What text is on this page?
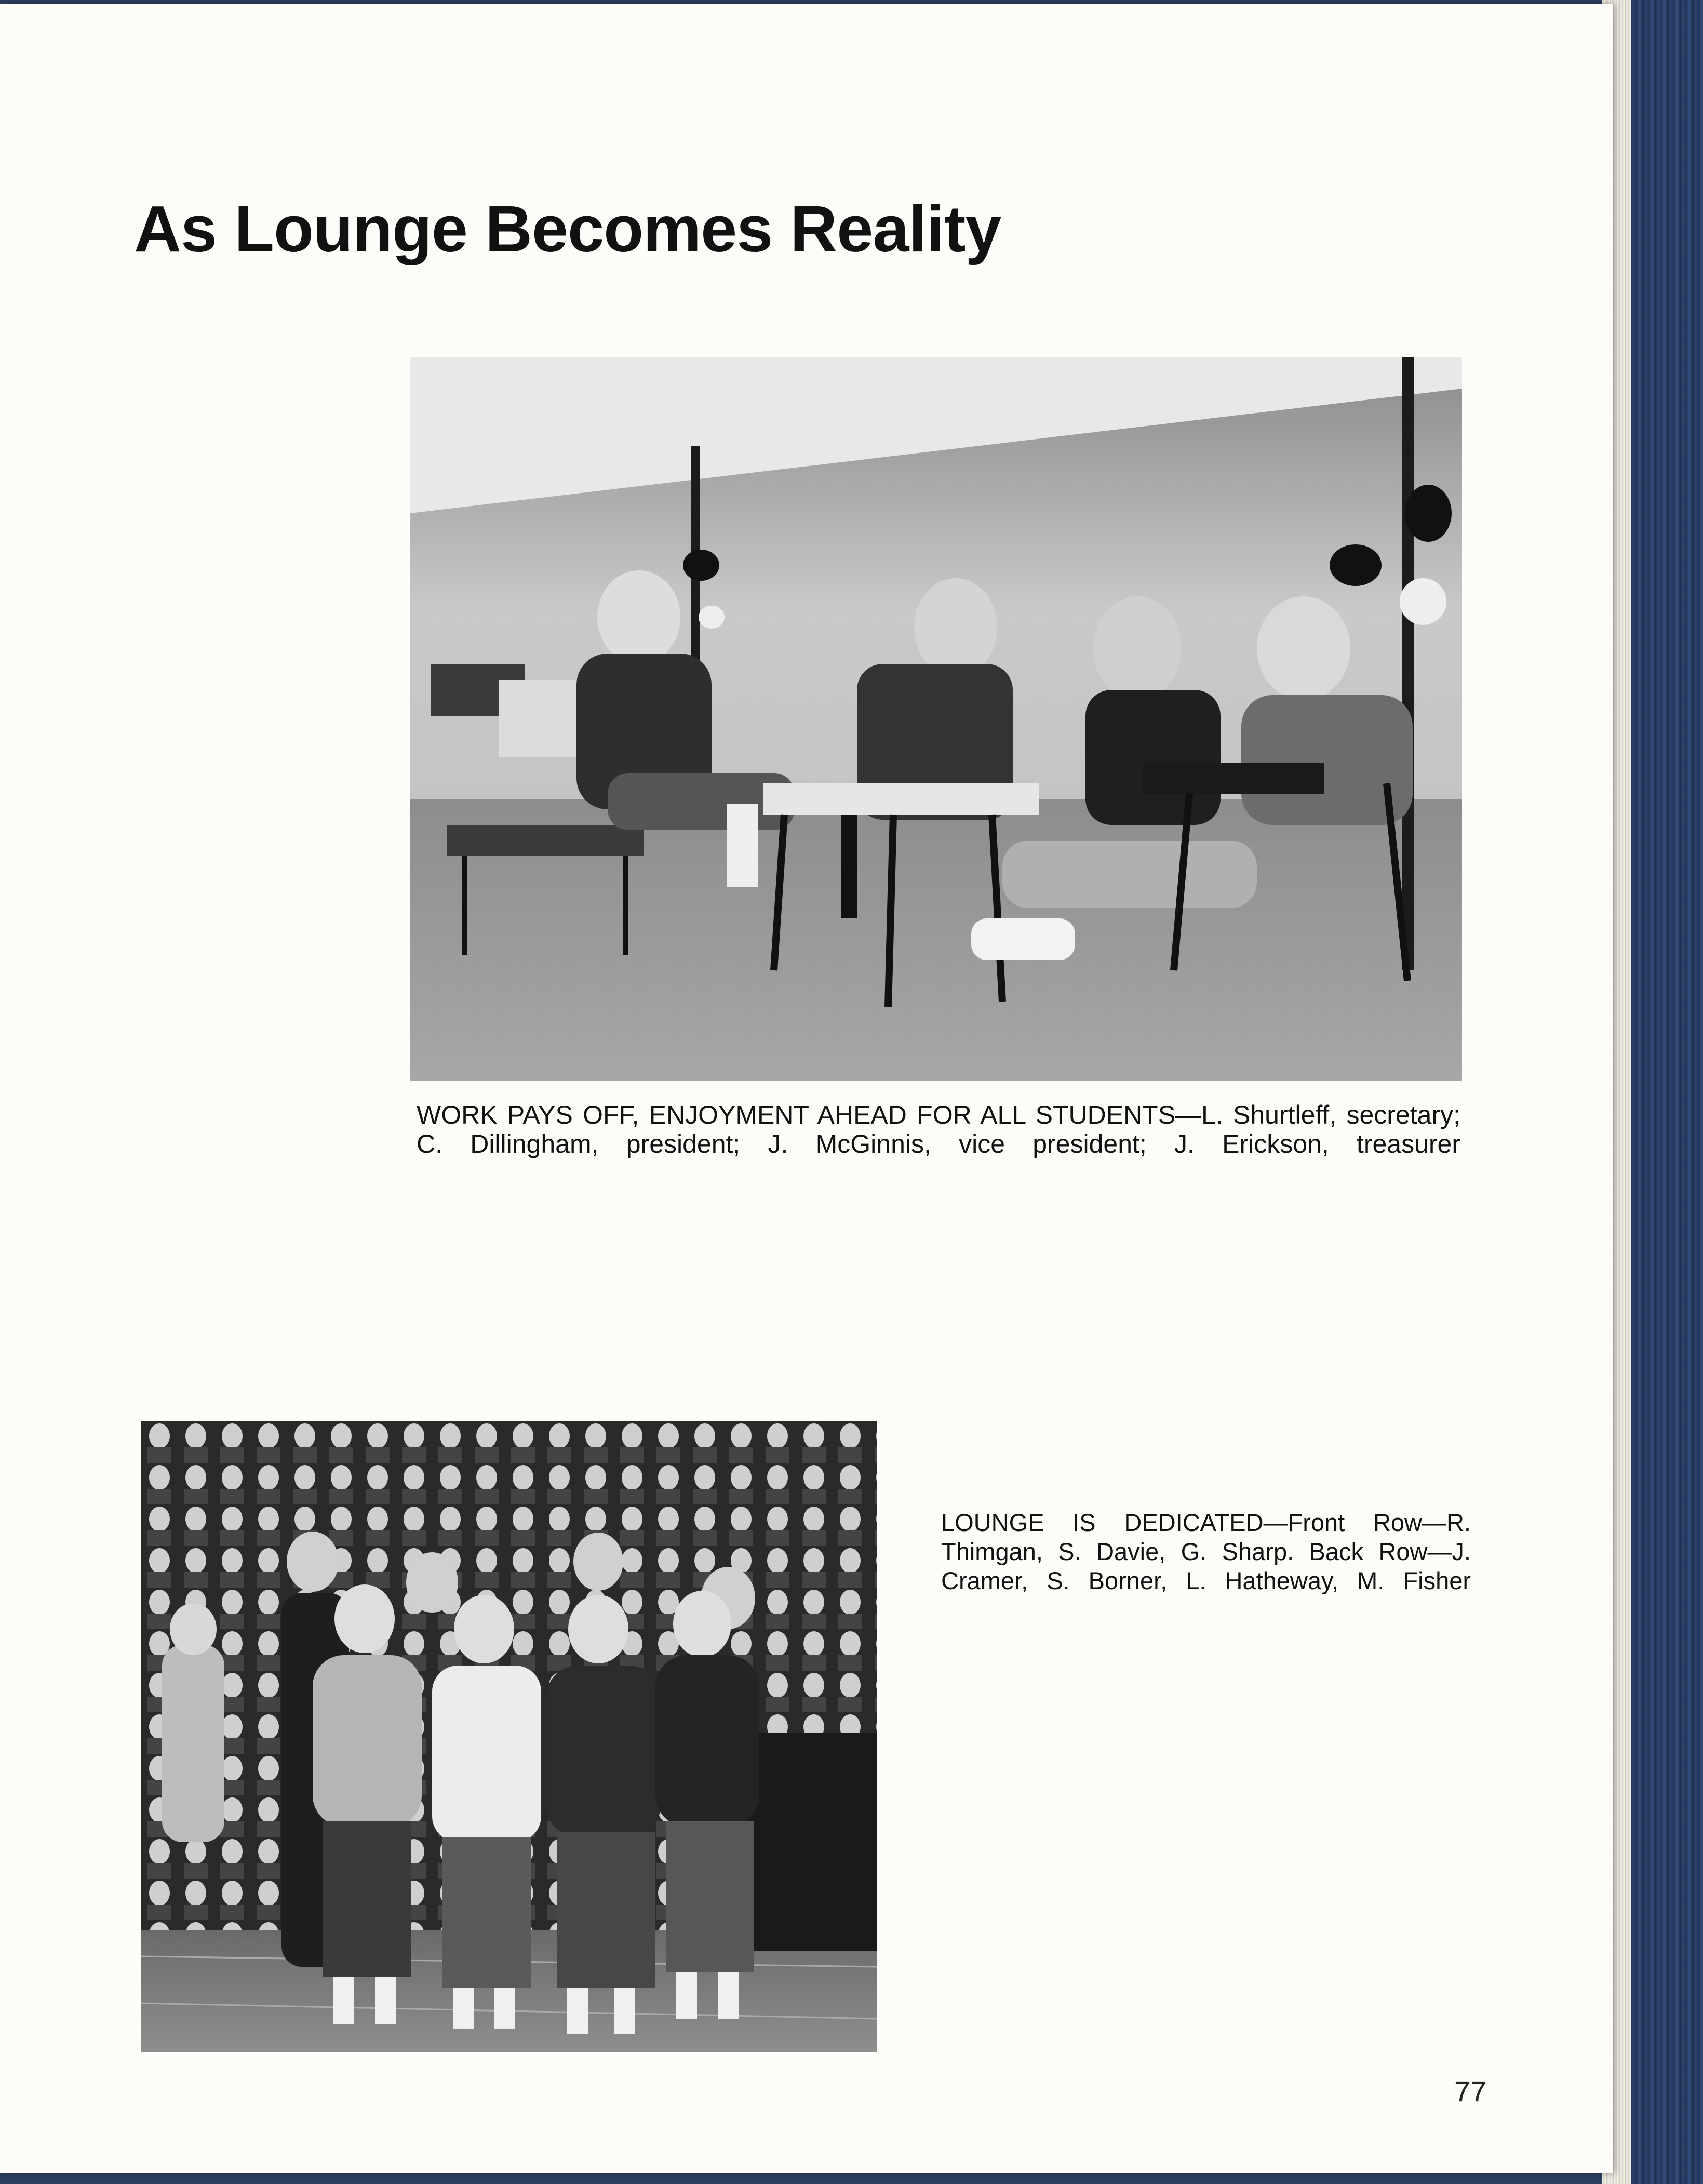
As Lounge Becomes Reality
WORK PAYS OFF, ENJOYMENT AHEAD FOR ALL STUDENTS—L. Shurtleff, secretary; C. Dillingham, president; J. McGinnis, vice president; J. Erickson, treasurer
LOUNGE IS DEDICATED—Front Row—R. Thimgan, S. Davie, G. Sharp. Back Row—J. Cramer, S. Borner, L. Hatheway, M. Fisher
77
